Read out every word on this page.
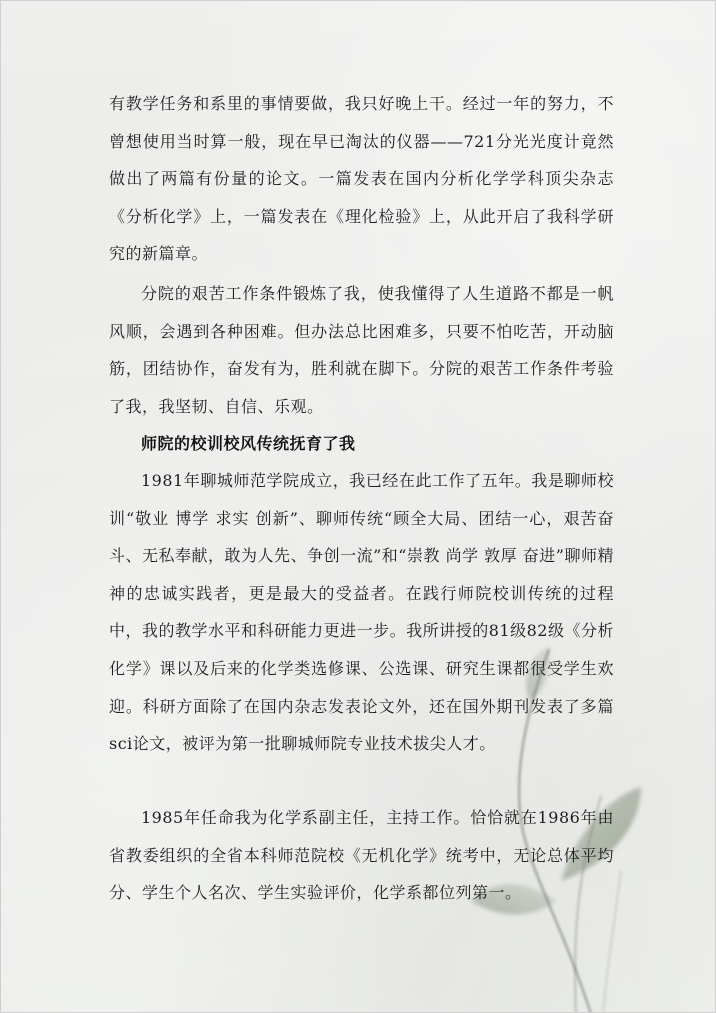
有教学任务和系里的事情要做，我只好晚上干。经过一年的努力，不曾想使用当时算一般，现在早已淘汰的仪器——721分光光度计竟然做出了两篇有份量的论文。一篇发表在国内分析化学学科顶尖杂志《分析化学》上，一篇发表在《理化检验》上，从此开启了我科学研究的新篇章。

分院的艰苦工作条件锻炼了我，使我懂得了人生道路不都是一帆风顺，会遇到各种困难。但办法总比困难多，只要不怕吃苦，开动脑筋，团结协作，奋发有为，胜利就在脚下。分院的艰苦工作条件考验了我，我坚韧、自信、乐观。

师院的校训校风传统抚育了我

1981年聊城师范学院成立，我已经在此工作了五年。我是聊师校训“敬业 博学 求实 创新”、聊师传统“顾全大局、团结一心，艰苦奋斗、无私奉献，敢为人先、争创一流”和“崇教 尚学 敦厚 奋进”聊师精神的忠诚实践者，更是最大的受益者。在践行师院校训传统的过程中，我的教学水平和科研能力更进一步。我所讲授的81级82级《分析化学》课以及后来的化学类选修课、公选课、研究生课都很受学生欢迎。科研方面除了在国内杂志发表论文外，还在国外期刊发表了多篇sci论文，被评为第一批聊城师院专业技术拔尖人才。

1985年任命我为化学系副主任，主持工作。恰恰就在1986年由省教委组织的全省本科师范院校《无机化学》统考中，无论总体平均分、学生个人名次、学生实验评价，化学系都位列第一。
